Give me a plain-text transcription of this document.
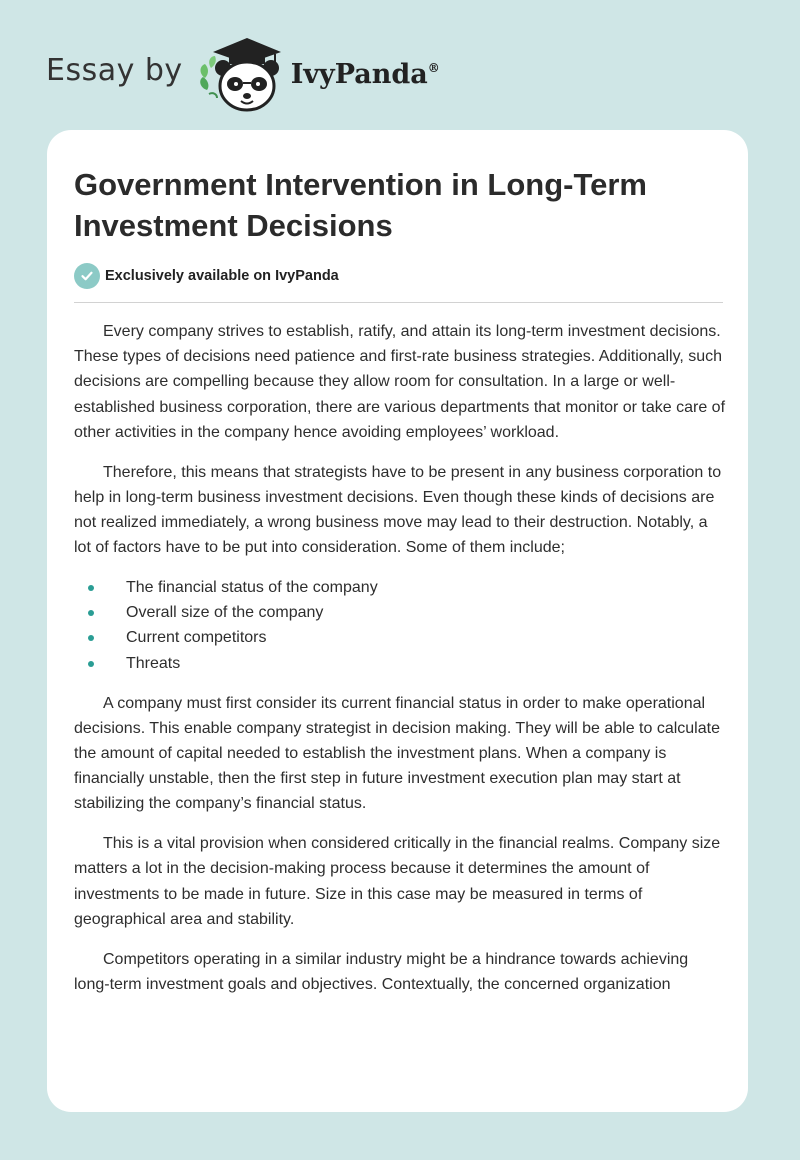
Essay by	IvyPanda®
Government Intervention in Long-Term Investment Decisions
Exclusively available on IvyPanda

Every company strives to establish, ratify, and attain its long-term investment decisions. These types of decisions need patience and first-rate business strategies. Additionally, such decisions are compelling because they allow room for consultation. In a large or well-established business corporation, there are various departments that monitor or take care of other activities in the company hence avoiding employees’ workload.

Therefore, this means that strategists have to be present in any business corporation to help in long-term business investment decisions. Even though these kinds of decisions are not realized immediately, a wrong business move may lead to their destruction. Notably, a lot of factors have to be put into consideration. Some of them include;

The financial status of the company
Overall size of the company
Current competitors
Threats

A company must first consider its current financial status in order to make operational decisions. This enable company strategist in decision making. They will be able to calculate the amount of capital needed to establish the investment plans. When a company is financially unstable, then the first step in future investment execution plan may start at stabilizing the company’s financial status.

This is a vital provision when considered critically in the financial realms. Company size matters a lot in the decision-making process because it determines the amount of investments to be made in future. Size in this case may be measured in terms of geographical area and stability.

Competitors operating in a similar industry might be a hindrance towards achieving long-term investment goals and objectives. Contextually, the concerned organization
